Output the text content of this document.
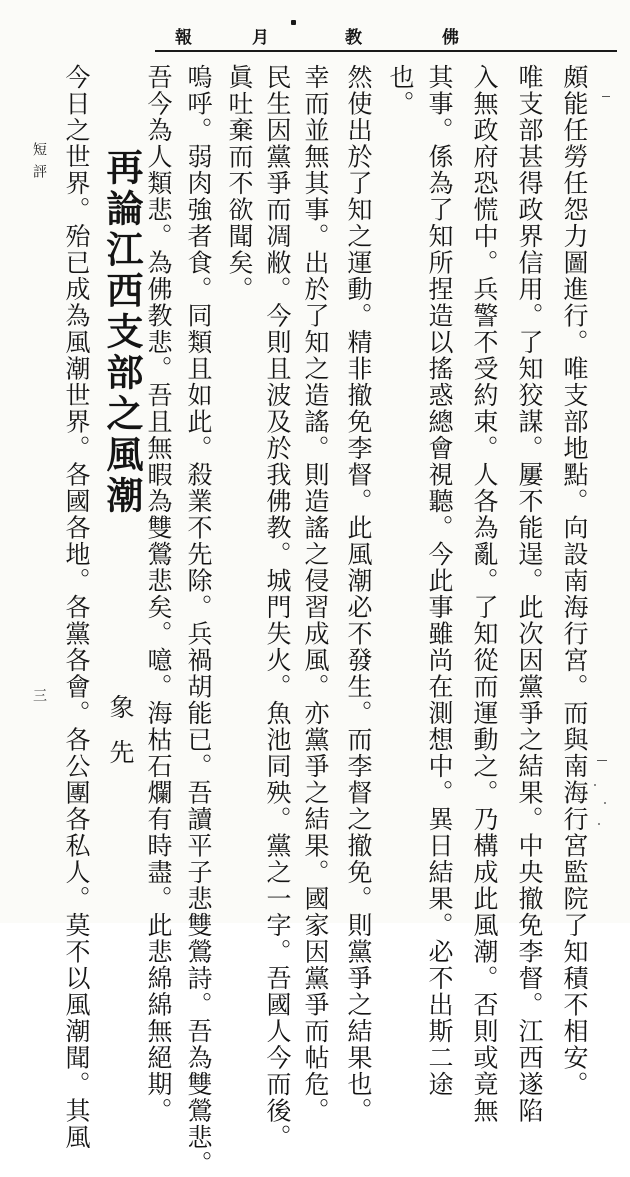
佛
教
月
報
頗能任勞任怨力圖進行。唯支部地點。向設南海行宮。而與南海行宮監院了知積不相安。
唯支部甚得政界信用。了知狡謀。屢不能逞。此次因黨爭之結果。中央撤免李督。江西遂陷
入無政府恐慌中。兵警不受約束。人各為亂。了知從而運動之。乃構成此風潮。否則或竟無
其事。係為了知所捏造以搖惑總會視聽。今此事雖尚在測想中。異日結果。必不出斯二途
也。
然使出於了知之運動。精非撤免李督。此風潮必不發生。而李督之撤免。則黨爭之結果也。
幸而並無其事。出於了知之造謠。則造謠之侵習成風。亦黨爭之結果。國家因黨爭而帖危。
民生因黨爭而凋敝。今則且波及於我佛教。城門失火。魚池同殃。黨之一字。吾國人今而後。
眞吐棄而不欲聞矣。
嗚呼。弱肉強者食。同類且如此。殺業不先除。兵禍胡能已。吾讀平子悲雙鶯詩。吾為雙鶯悲。
吾今為人類悲。為佛教悲。吾且無暇為雙鶯悲矣。噫。海枯石爛有時盡。此悲綿綿無絕期。
再論江西支部之風潮
象先
今日之世界。殆已成為風潮世界。各國各地。各黨各會。各公團各私人。莫不以風潮聞。其風
短評
三
